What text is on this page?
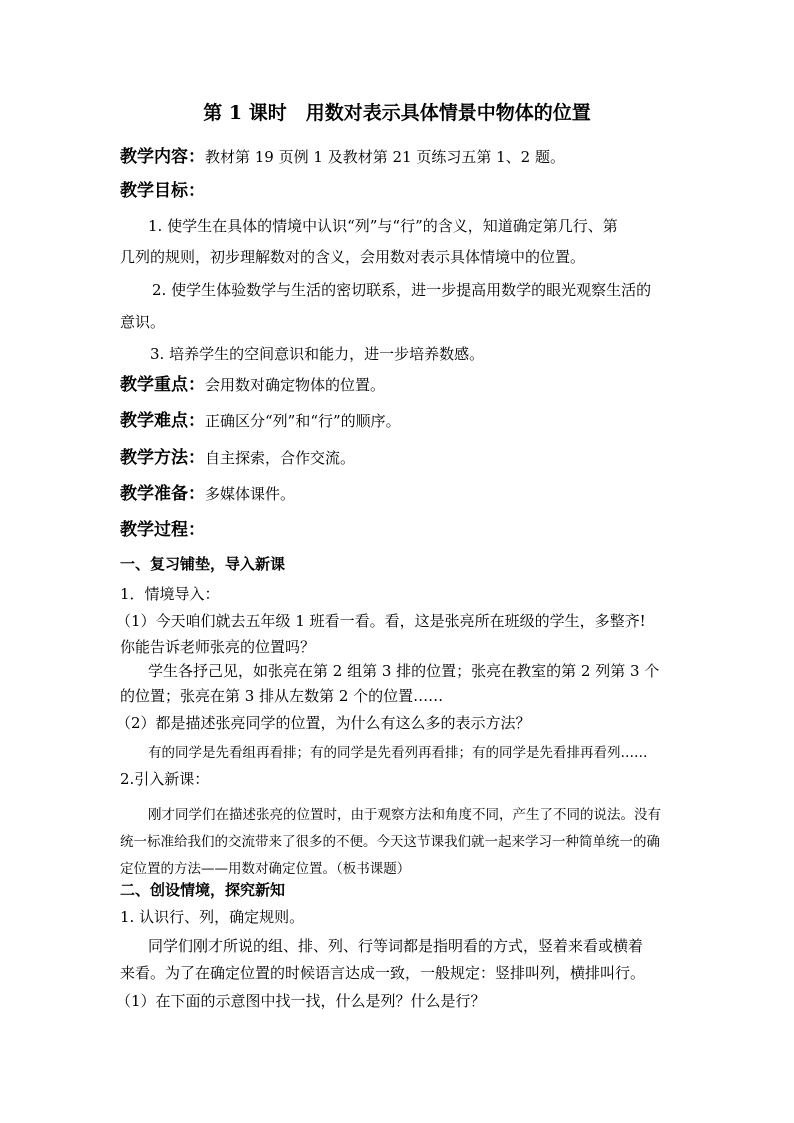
第 1 课时　用数对表示具体情景中物体的位置
教学内容：教材第 19 页例 1 及教材第 21 页练习五第 1、2 题。
教学目标：
1. 使学生在具体的情境中认识“列”与“行”的含义，知道确定第几行、第
几列的规则，初步理解数对的含义，会用数对表示具体情境中的位置。
2. 使学生体验数学与生活的密切联系，进一步提高用数学的眼光观察生活的
意识。
3. 培养学生的空间意识和能力，进一步培养数感。
教学重点：会用数对确定物体的位置。
教学难点：正确区分“列”和“行”的顺序。
教学方法：自主探索，合作交流。
教学准备：多媒体课件。
教学过程：
一、复习铺垫，导入新课
1．情境导入：
（1）今天咱们就去五年级 1 班看一看。看，这是张亮所在班级的学生，多整齐!
你能告诉老师张亮的位置吗？
学生各抒己见，如张亮在第 2 组第 3 排的位置；张亮在教室的第 2 列第 3 个
的位置；张亮在第 3 排从左数第 2 个的位置……
（2）都是描述张亮同学的位置，为什么有这么多的表示方法？
有的同学是先看组再看排；有的同学是先看列再看排；有的同学是先看排再看列……
2.引入新课：
刚才同学们在描述张亮的位置时，由于观察方法和角度不同，产生了不同的说法。没有
统一标准给我们的交流带来了很多的不便。今天这节课我们就一起来学习一种简单统一的确
定位置的方法——用数对确定位置。（板书课题）
二、创设情境，探究新知
1. 认识行、列，确定规则。
同学们刚才所说的组、排、列、行等词都是指明看的方式，竖着来看或横着
来看。为了在确定位置的时候语言达成一致，一般规定：竖排叫列，横排叫行。
（1）在下面的示意图中找一找，什么是列？什么是行？
